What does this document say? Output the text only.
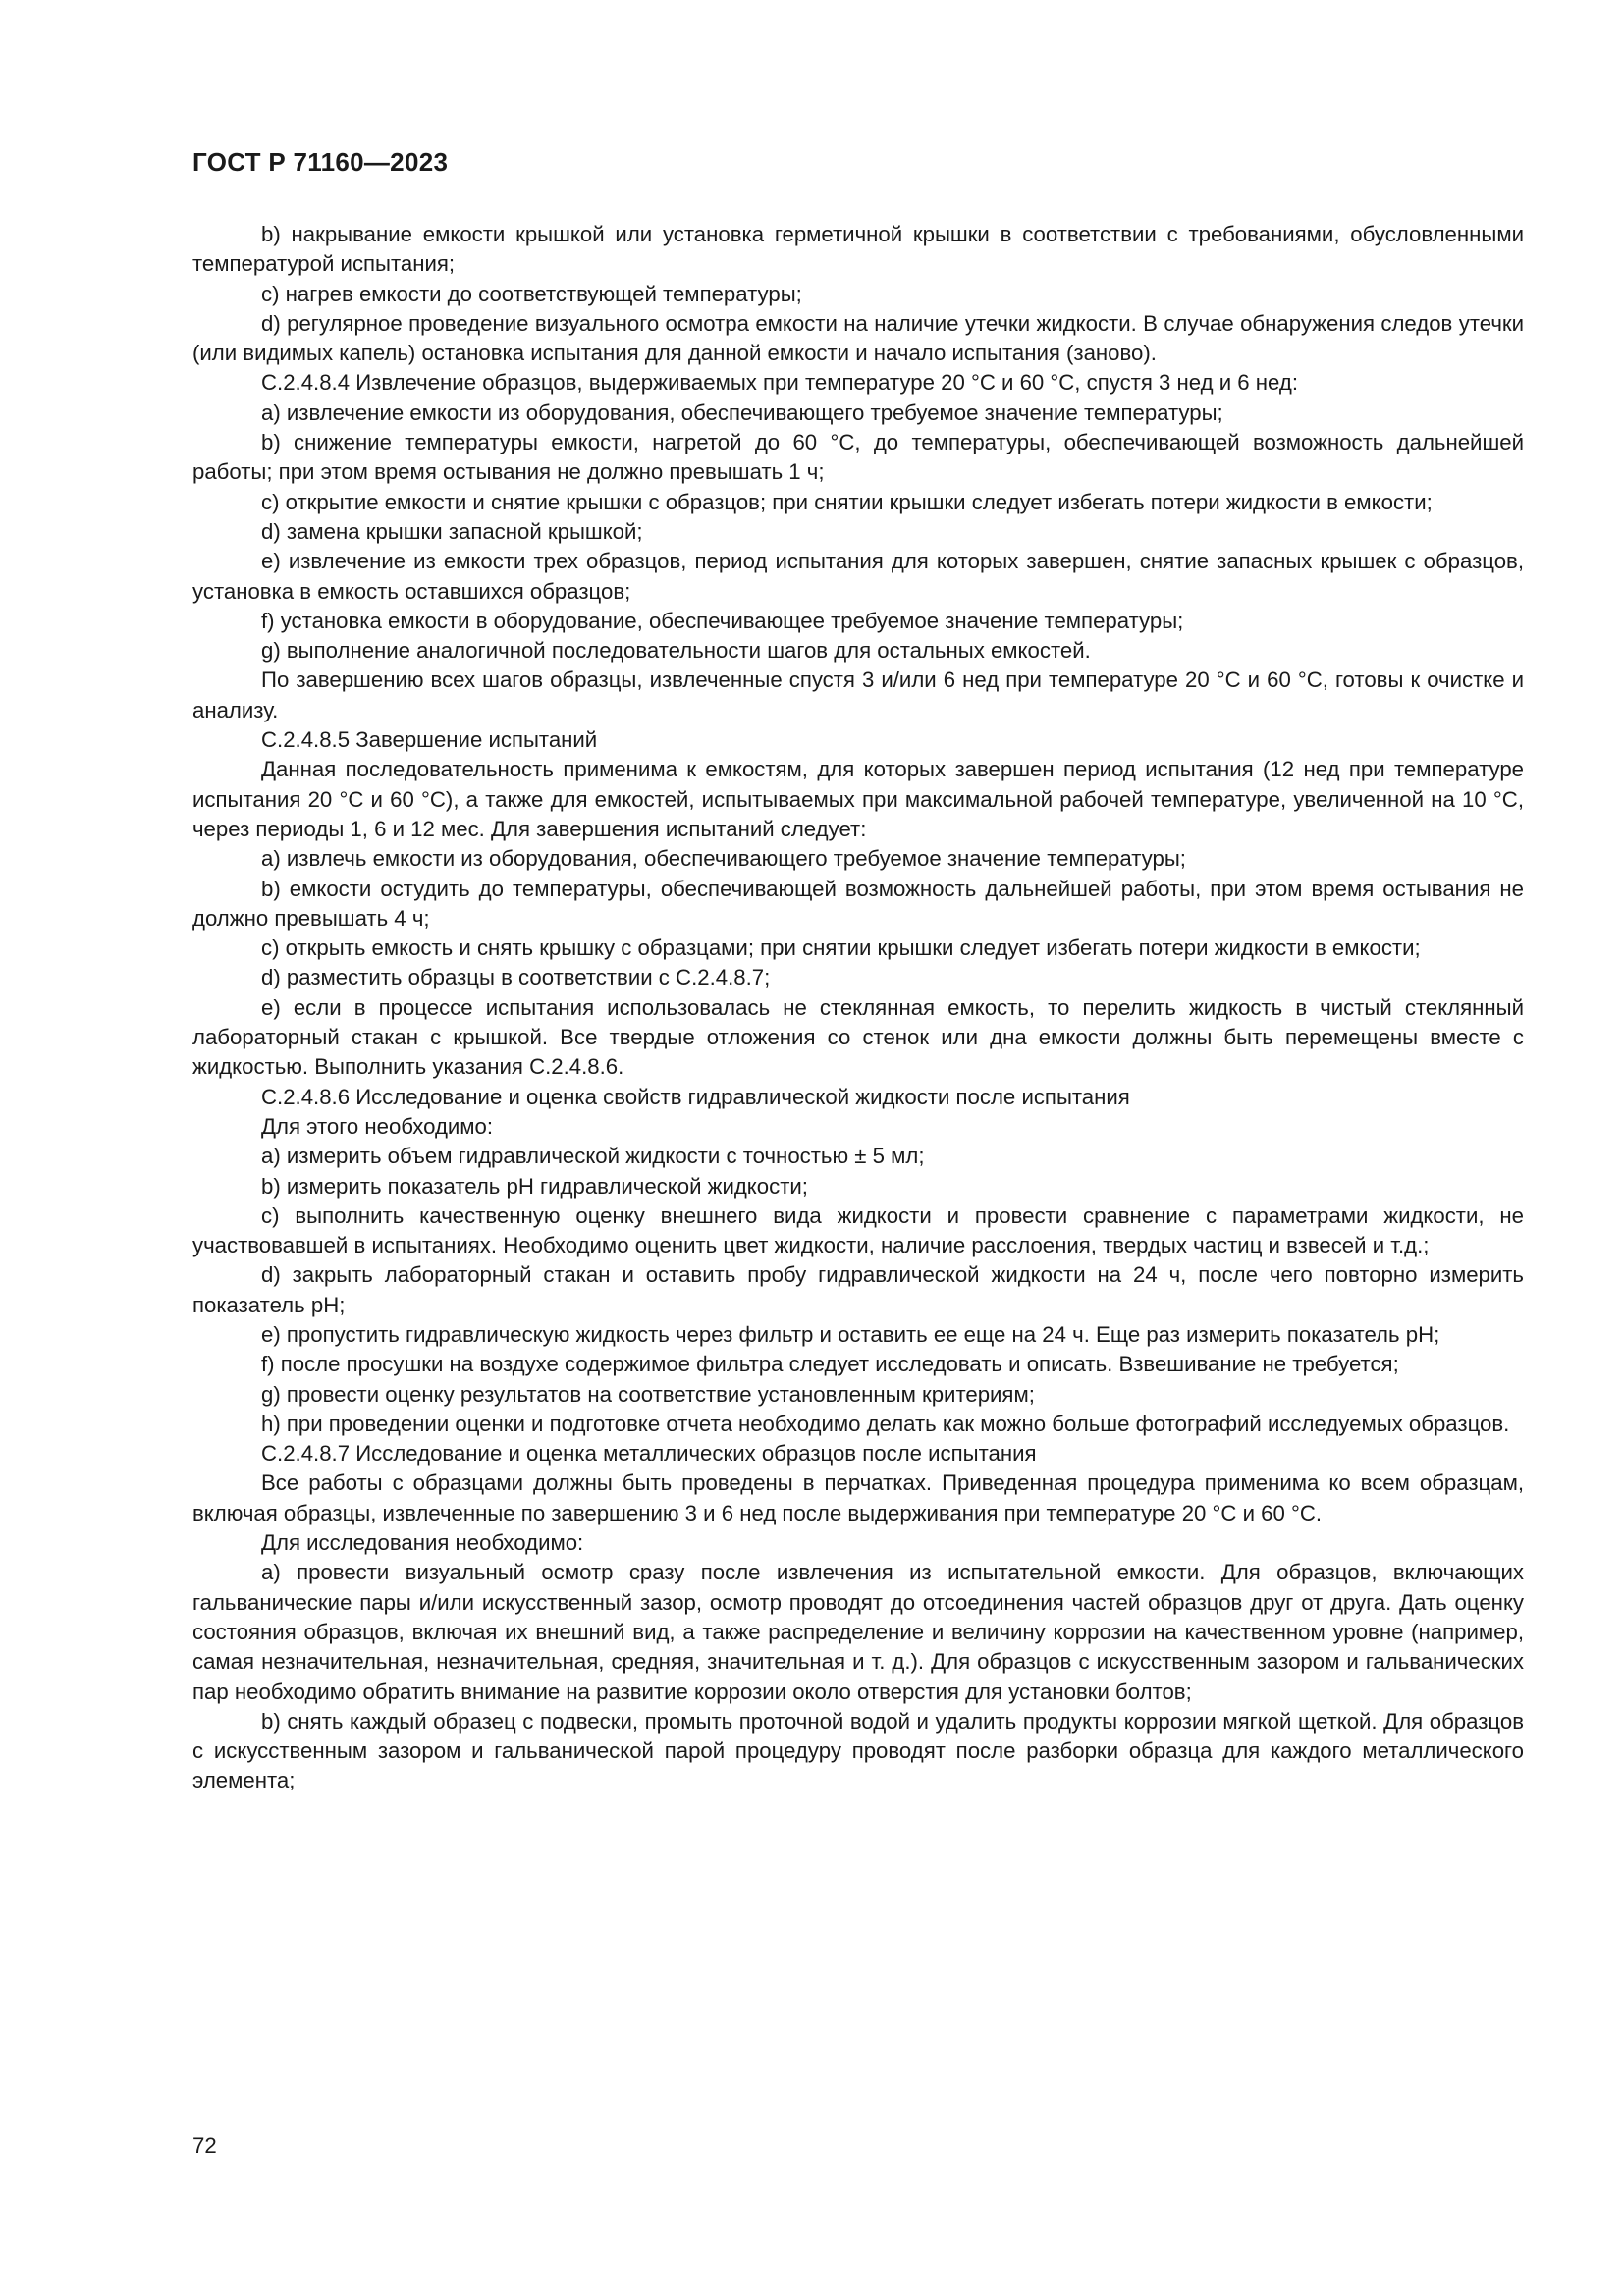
ГОСТ Р 71160—2023

b) накрывание емкости крышкой или установка герметичной крышки в соответствии с требованиями, обусловленными температурой испытания;

c) нагрев емкости до соответствующей температуры;

d) регулярное проведение визуального осмотра емкости на наличие утечки жидкости. В случае обнаружения следов утечки (или видимых капель) остановка испытания для данной емкости и начало испытания (заново).

С.2.4.8.4 Извлечение образцов, выдерживаемых при температуре 20 °С и 60 °С, спустя 3 нед и 6 нед:

a) извлечение емкости из оборудования, обеспечивающего требуемое значение температуры;

b) снижение температуры емкости, нагретой до 60 °С, до температуры, обеспечивающей возможность дальнейшей работы; при этом время остывания не должно превышать 1 ч;

c) открытие емкости и снятие крышки с образцов; при снятии крышки следует избегать потери жидкости в емкости;

d) замена крышки запасной крышкой;

e) извлечение из емкости трех образцов, период испытания для которых завершен, снятие запасных крышек с образцов, установка в емкость оставшихся образцов;

f) установка емкости в оборудование, обеспечивающее требуемое значение температуры;

g) выполнение аналогичной последовательности шагов для остальных емкостей.

По завершению всех шагов образцы, извлеченные спустя 3 и/или 6 нед при температуре 20 °С и 60 °С, готовы к очистке и анализу.

С.2.4.8.5 Завершение испытаний

Данная последовательность применима к емкостям, для которых завершен период испытания (12 нед при температуре испытания 20 °С и 60 °С), а также для емкостей, испытываемых при максимальной рабочей температуре, увеличенной на 10 °С, через периоды 1, 6 и 12 мес. Для завершения испытаний следует:

a) извлечь емкости из оборудования, обеспечивающего требуемое значение температуры;

b) емкости остудить до температуры, обеспечивающей возможность дальнейшей работы, при этом время остывания не должно превышать 4 ч;

c) открыть емкость и снять крышку с образцами; при снятии крышки следует избегать потери жидкости в емкости;

d) разместить образцы в соответствии с С.2.4.8.7;

e) если в процессе испытания использовалась не стеклянная емкость, то перелить жидкость в чистый стеклянный лабораторный стакан с крышкой. Все твердые отложения со стенок или дна емкости должны быть перемещены вместе с жидкостью. Выполнить указания С.2.4.8.6.

С.2.4.8.6 Исследование и оценка свойств гидравлической жидкости после испытания

Для этого необходимо:

a) измерить объем гидравлической жидкости с точностью ± 5 мл;

b) измерить показатель pH гидравлической жидкости;

c) выполнить качественную оценку внешнего вида жидкости и провести сравнение с параметрами жидкости, не участвовавшей в испытаниях. Необходимо оценить цвет жидкости, наличие расслоения, твердых частиц и взвесей и т.д.;

d) закрыть лабораторный стакан и оставить пробу гидравлической жидкости на 24 ч, после чего повторно измерить показатель pH;

e) пропустить гидравлическую жидкость через фильтр и оставить ее еще на 24 ч. Еще раз измерить показатель pH;

f) после просушки на воздухе содержимое фильтра следует исследовать и описать. Взвешивание не требуется;

g) провести оценку результатов на соответствие установленным критериям;

h) при проведении оценки и подготовке отчета необходимо делать как можно больше фотографий исследуемых образцов.

С.2.4.8.7 Исследование и оценка металлических образцов после испытания

Все работы с образцами должны быть проведены в перчатках. Приведенная процедура применима ко всем образцам, включая образцы, извлеченные по завершению 3 и 6 нед после выдерживания при температуре 20 °С и 60 °С.

Для исследования необходимо:

a) провести визуальный осмотр сразу после извлечения из испытательной емкости. Для образцов, включающих гальванические пары и/или искусственный зазор, осмотр проводят до отсоединения частей образцов друг от друга. Дать оценку состояния образцов, включая их внешний вид, а также распределение и величину коррозии на качественном уровне (например, самая незначительная, незначительная, средняя, значительная и т. д.). Для образцов с искусственным зазором и гальванических пар необходимо обратить внимание на развитие коррозии около отверстия для установки болтов;

b) снять каждый образец с подвески, промыть проточной водой и удалить продукты коррозии мягкой щеткой. Для образцов с искусственным зазором и гальванической парой процедуру проводят после разборки образца для каждого металлического элемента;

72
